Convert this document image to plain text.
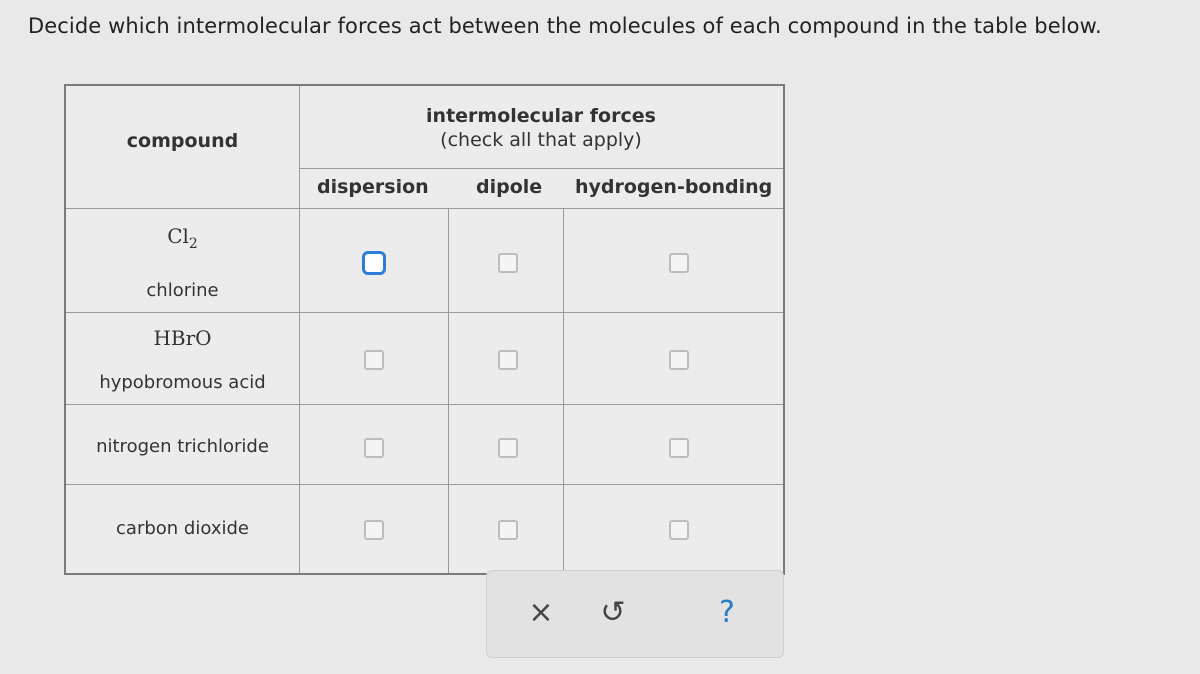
Decide which intermolecular forces act between the molecules of each compound in the table below.
compound
intermolecular forces
(check all that apply)
dispersion dipole hydrogen-bonding
$Cl_2$
chlorine
HBrO
hypobromous acid
nitrogen trichloride
carbon dioxide
× ↺	?
